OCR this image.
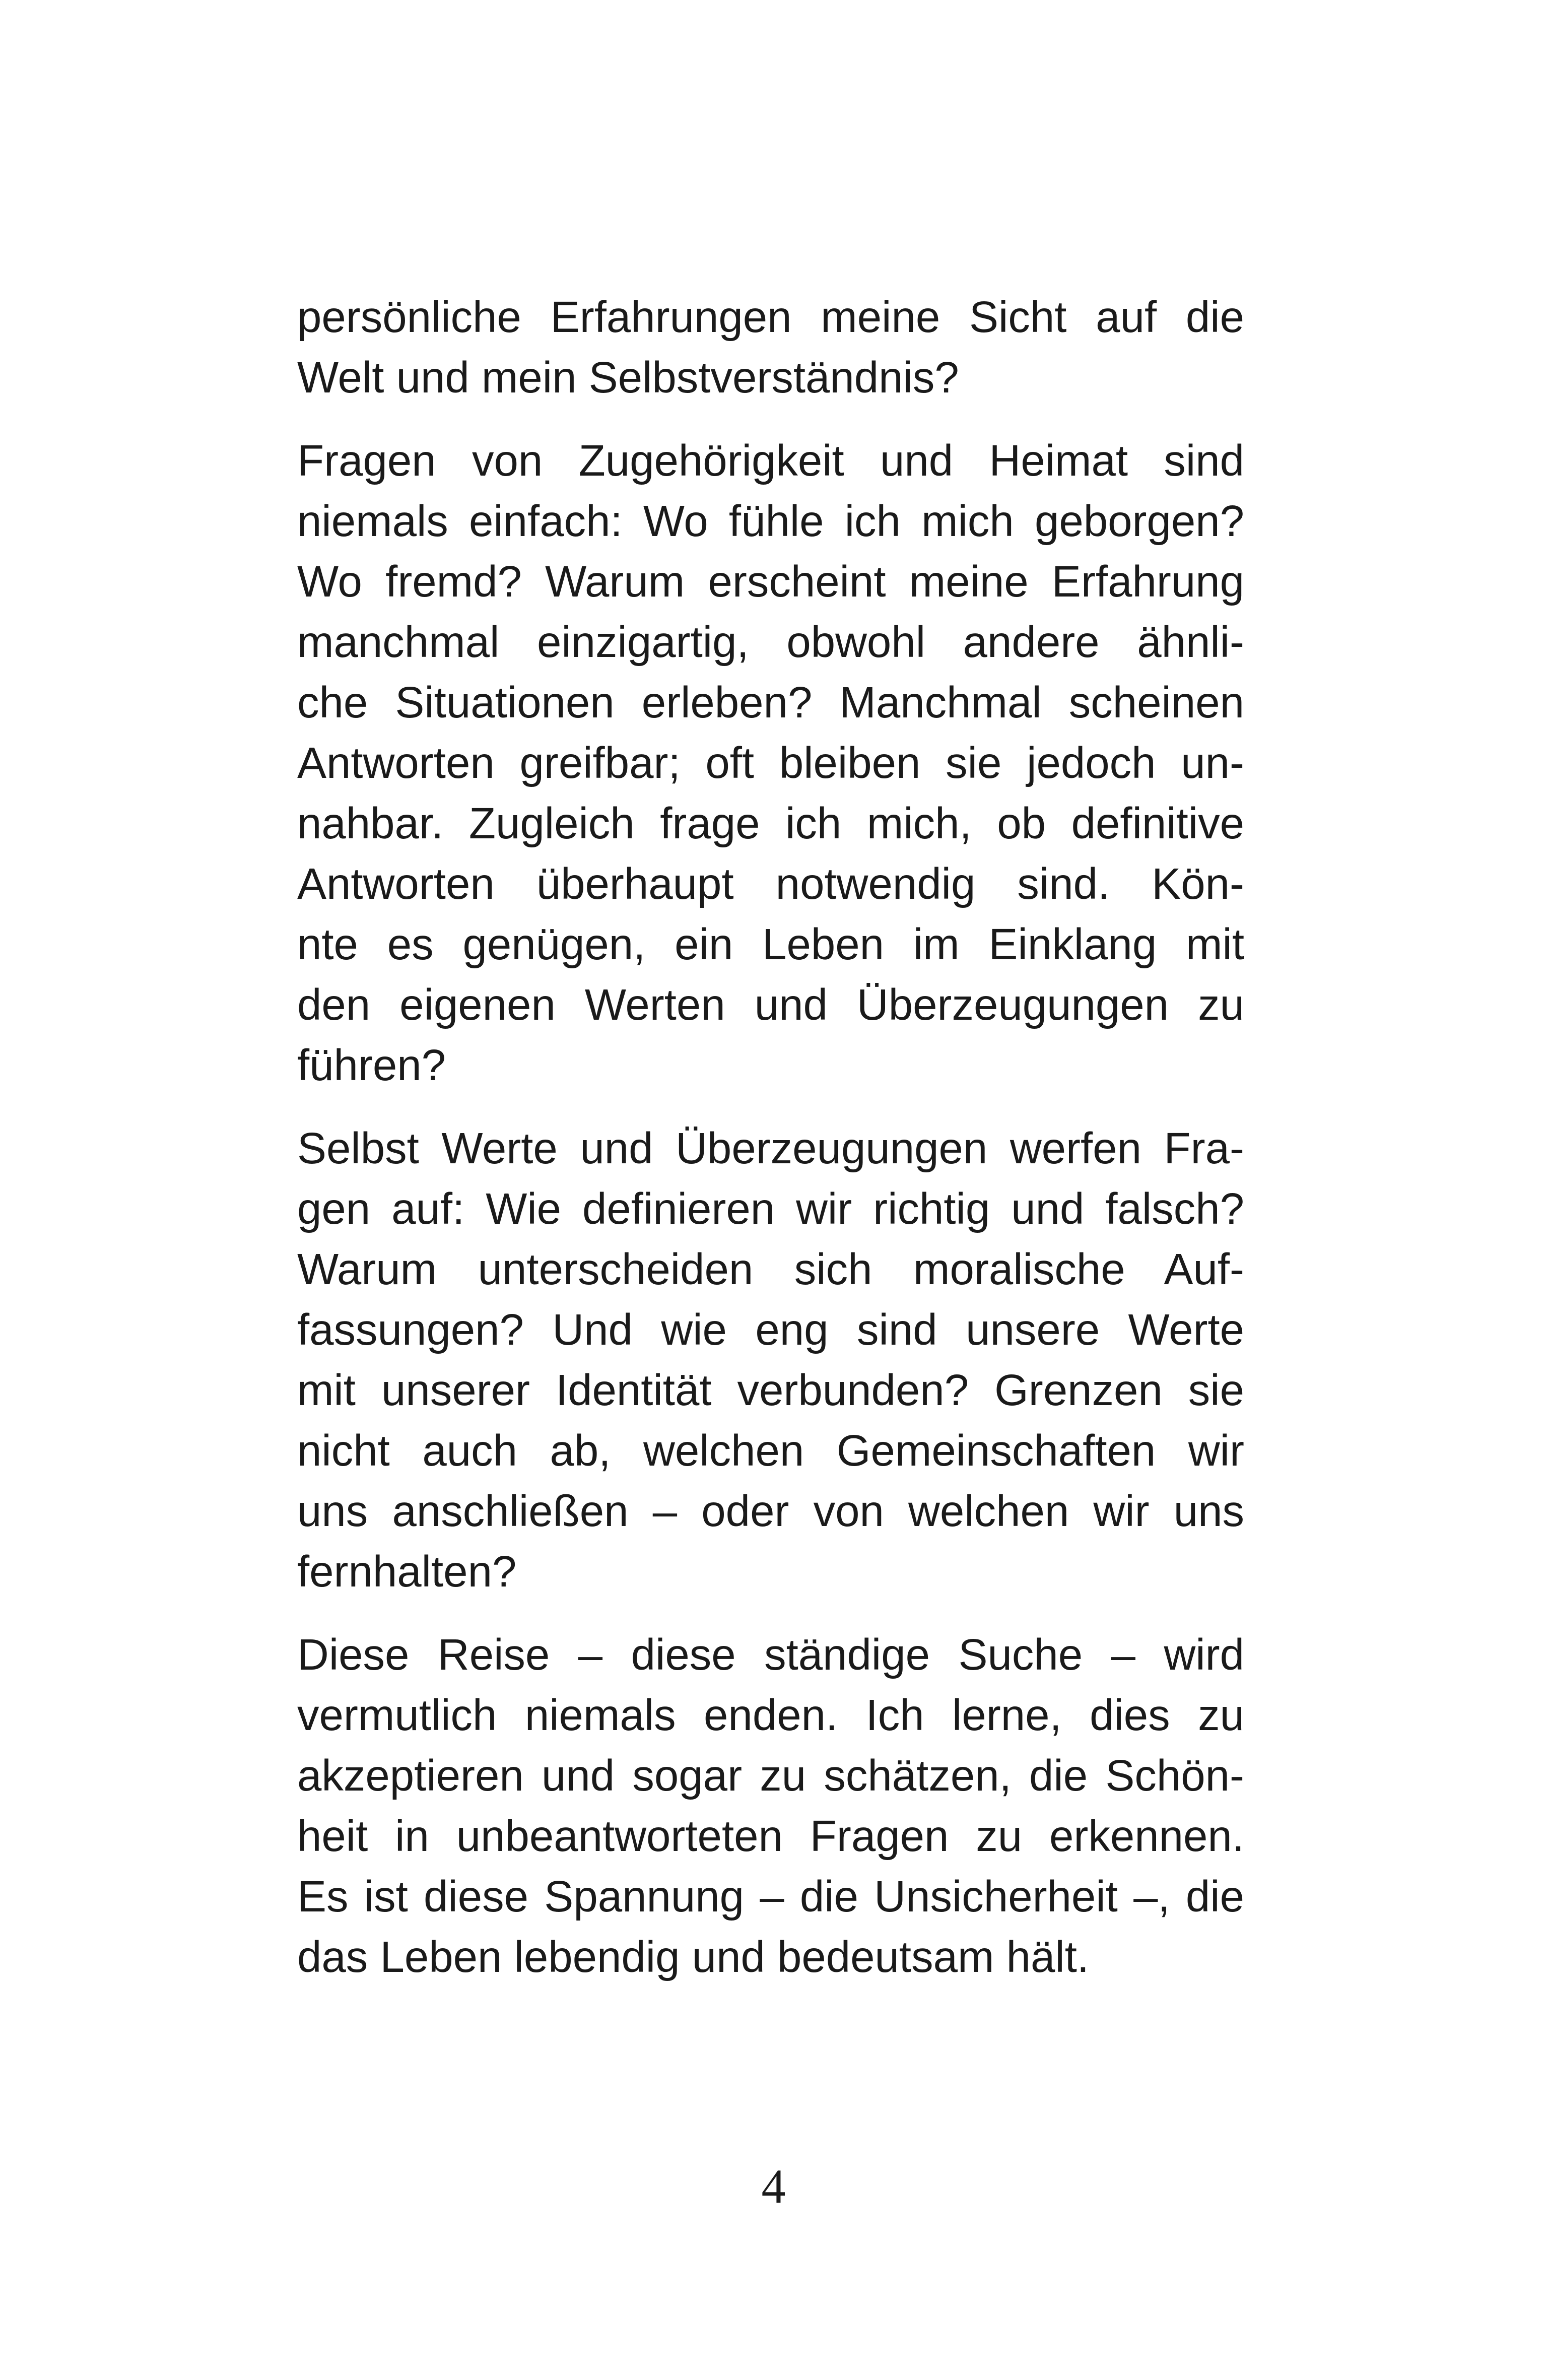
persönliche Erfahrungen meine Sicht auf die
Welt und mein Selbstverständnis?

Fragen von Zugehörigkeit und Heimat sind
niemals einfach: Wo fühle ich mich geborgen?
Wo fremd? Warum erscheint meine Erfahrung
manchmal einzigartig, obwohl andere ähnli-
che Situationen erleben? Manchmal scheinen
Antworten greifbar; oft bleiben sie jedoch un-
nahbar. Zugleich frage ich mich, ob definitive
Antworten überhaupt notwendig sind. Kön-
nte es genügen, ein Leben im Einklang mit
den eigenen Werten und Überzeugungen zu
führen?

Selbst Werte und Überzeugungen werfen Fra-
gen auf: Wie definieren wir richtig und falsch?
Warum unterscheiden sich moralische Auf-
fassungen? Und wie eng sind unsere Werte
mit unserer Identität verbunden? Grenzen sie
nicht auch ab, welchen Gemeinschaften wir
uns anschließen – oder von welchen wir uns
fernhalten?

Diese Reise – diese ständige Suche – wird
vermutlich niemals enden. Ich lerne, dies zu
akzeptieren und sogar zu schätzen, die Schön-
heit in unbeantworteten Fragen zu erkennen.
Es ist diese Spannung – die Unsicherheit –, die
das Leben lebendig und bedeutsam hält.

4
